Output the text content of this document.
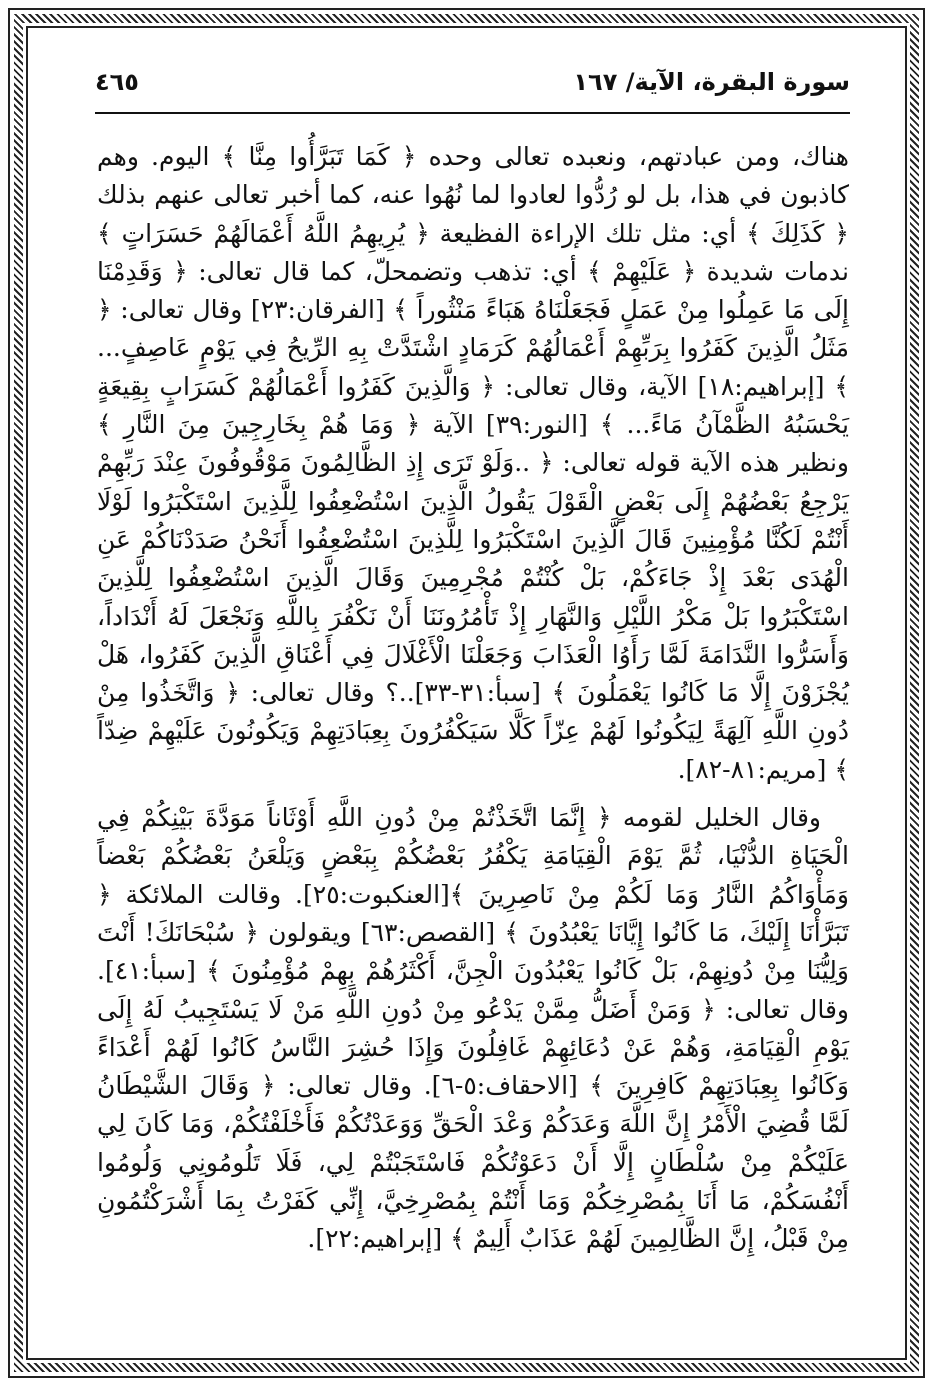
سورة البقرة، الآية/ ١٦٧
٤٦٥

هناك، ومن عبادتهم، ونعبده تعالى وحده ﴿ كَمَا تَبَرَّأُوا مِنَّا ﴾ اليوم. وهم كاذبون في هذا، بل لو رُدُّوا لعادوا لما نُهُوا عنه، كما أخبر تعالى عنهم بذلك ﴿ كَذَلِكَ ﴾ أي: مثل تلك الإراءة الفظيعة ﴿ يُرِيهِمُ اللَّهُ أَعْمَالَهُمْ حَسَرَاتٍ ﴾ ندمات شديدة ﴿ عَلَيْهِمْ ﴾ أي: تذهب وتضمحلّ، كما قال تعالى: ﴿ وَقَدِمْنَا إِلَى مَا عَمِلُوا مِنْ عَمَلٍ فَجَعَلْنَاهُ هَبَاءً مَنْثُوراً ﴾ [الفرقان:٢٣] وقال تعالى: ﴿ مَثَلُ الَّذِينَ كَفَرُوا بِرَبِّهِمْ أَعْمَالُهُمْ كَرَمَادٍ اشْتَدَّتْ بِهِ الرِّيحُ فِي يَوْمٍ عَاصِفٍ... ﴾ [إبراهيم:١٨] الآية، وقال تعالى: ﴿ وَالَّذِينَ كَفَرُوا أَعْمَالُهُمْ كَسَرَابٍ بِقِيعَةٍ يَحْسَبُهُ الظَّمْآنُ مَاءً... ﴾ [النور:٣٩] الآية ﴿ وَمَا هُمْ بِخَارِجِينَ مِنَ النَّارِ ﴾ ونظير هذه الآية قوله تعالى: ﴿ ..وَلَوْ تَرَى إِذِ الظَّالِمُونَ مَوْقُوفُونَ عِنْدَ رَبِّهِمْ يَرْجِعُ بَعْضُهُمْ إِلَى بَعْضٍ الْقَوْلَ يَقُولُ الَّذِينَ اسْتُضْعِفُوا لِلَّذِينَ اسْتَكْبَرُوا لَوْلَا أَنْتُمْ لَكُنَّا مُؤْمِنِينَ قَالَ الَّذِينَ اسْتَكْبَرُوا لِلَّذِينَ اسْتُضْعِفُوا أَنَحْنُ صَدَدْنَاكُمْ عَنِ الْهُدَى بَعْدَ إِذْ جَاءَكُمْ، بَلْ كُنْتُمْ مُجْرِمِينَ وَقَالَ الَّذِينَ اسْتُضْعِفُوا لِلَّذِينَ اسْتَكْبَرُوا بَلْ مَكْرُ اللَّيْلِ وَالنَّهَارِ إِذْ تَأْمُرُونَنَا أَنْ نَكْفُرَ بِاللَّهِ وَنَجْعَلَ لَهُ أَنْدَاداً، وَأَسَرُّوا النَّدَامَةَ لَمَّا رَأَوُا الْعَذَابَ وَجَعَلْنَا الْأَغْلَالَ فِي أَعْنَاقِ الَّذِينَ كَفَرُوا، هَلْ يُجْزَوْنَ إِلَّا مَا كَانُوا يَعْمَلُونَ ﴾ [سبأ:٣١-٣٣]..؟ وقال تعالى: ﴿ وَاتَّخَذُوا مِنْ دُونِ اللَّهِ آلِهَةً لِيَكُونُوا لَهُمْ عِزّاً كَلَّا سَيَكْفُرُونَ بِعِبَادَتِهِمْ وَيَكُونُونَ عَلَيْهِمْ ضِدّاً ﴾ [مريم:٨١-٨٢].

وقال الخليل لقومه ﴿ إِنَّمَا اتَّخَذْتُمْ مِنْ دُونِ اللَّهِ أَوْثَاناً مَوَدَّةَ بَيْنِكُمْ فِي الْحَيَاةِ الدُّنْيَا، ثُمَّ يَوْمَ الْقِيَامَةِ يَكْفُرُ بَعْضُكُمْ بِبَعْضٍ وَيَلْعَنُ بَعْضُكُمْ بَعْضاً وَمَأْوَاكُمُ النَّارُ وَمَا لَكُمْ مِنْ نَاصِرِينَ ﴾[العنكبوت:٢٥]. وقالت الملائكة ﴿ تَبَرَّأْنَا إِلَيْكَ، مَا كَانُوا إِيَّانَا يَعْبُدُونَ ﴾ [القصص:٦٣] ويقولون ﴿ سُبْحَانَكَ! أَنْتَ وَلِيُّنَا مِنْ دُونِهِمْ، بَلْ كَانُوا يَعْبُدُونَ الْجِنَّ، أَكْثَرُهُمْ بِهِمْ مُؤْمِنُونَ ﴾ [سبأ:٤١]. وقال تعالى: ﴿ وَمَنْ أَضَلُّ مِمَّنْ يَدْعُو مِنْ دُونِ اللَّهِ مَنْ لَا يَسْتَجِيبُ لَهُ إِلَى يَوْمِ الْقِيَامَةِ، وَهُمْ عَنْ دُعَائِهِمْ غَافِلُونَ وَإِذَا حُشِرَ النَّاسُ كَانُوا لَهُمْ أَعْدَاءً وَكَانُوا بِعِبَادَتِهِمْ كَافِرِينَ ﴾ [الاحقاف:٥-٦]. وقال تعالى: ﴿ وَقَالَ الشَّيْطَانُ لَمَّا قُضِيَ الْأَمْرُ إِنَّ اللَّهَ وَعَدَكُمْ وَعْدَ الْحَقِّ وَوَعَدْتُكُمْ فَأَخْلَفْتُكُمْ، وَمَا كَانَ لِي عَلَيْكُمْ مِنْ سُلْطَانٍ إِلَّا أَنْ دَعَوْتُكُمْ فَاسْتَجَبْتُمْ لِي، فَلَا تَلُومُونِي وَلُومُوا أَنْفُسَكُمْ، مَا أَنَا بِمُصْرِخِكُمْ وَمَا أَنْتُمْ بِمُصْرِخِيَّ، إِنِّي كَفَرْتُ بِمَا أَشْرَكْتُمُونِ مِنْ قَبْلُ، إِنَّ الظَّالِمِينَ لَهُمْ عَذَابٌ أَلِيمٌ ﴾ [إبراهيم:٢٢].
